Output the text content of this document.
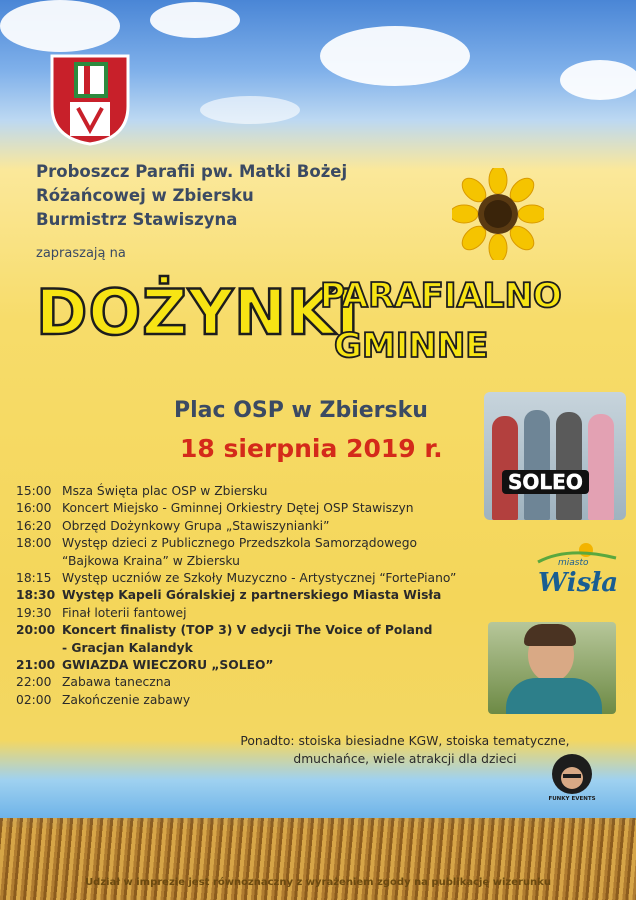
Proboszcz Parafii pw. Matki Bożej
Różańcowej w Zbiersku
Burmistrz Stawiszyna
zapraszają na
DOŻYNKI
PARAFIALNO
GMINNE
Plac OSP w Zbiersku
18 sierpnia 2019 r.
SOLEO
miasto
Wisła
15:00 Msza Święta plac OSP w Zbiersku
16:00 Koncert Miejsko - Gminnej Orkiestry Dętej OSP Stawiszyn
16:20 Obrzęd Dożynkowy Grupa „Stawiszynianki”
18:00 Występ dzieci z Publicznego Przedszkola Samorządowego
“Bajkowa Kraina” w Zbiersku
18:15 Występ uczniów ze Szkoły Muzyczno - Artystycznej “FortePiano”
18:30 Występ Kapeli Góralskiej z partnerskiego Miasta Wisła
19:30 Finał loterii fantowej
20:00 Koncert finalisty (TOP 3) V edycji The Voice of Poland
- Gracjan Kalandyk
21:00 GWIAZDA WIECZORU „SOLEO”
22:00 Zabawa taneczna
02:00 Zakończenie zabawy
Ponadto: stoiska biesiadne KGW, stoiska tematyczne,
dmuchańce, wiele atrakcji dla dzieci
FUNKY EVENTS
Udział w imprezie jest równoznaczny z wyrażeniem zgody na publikację wizerunku
